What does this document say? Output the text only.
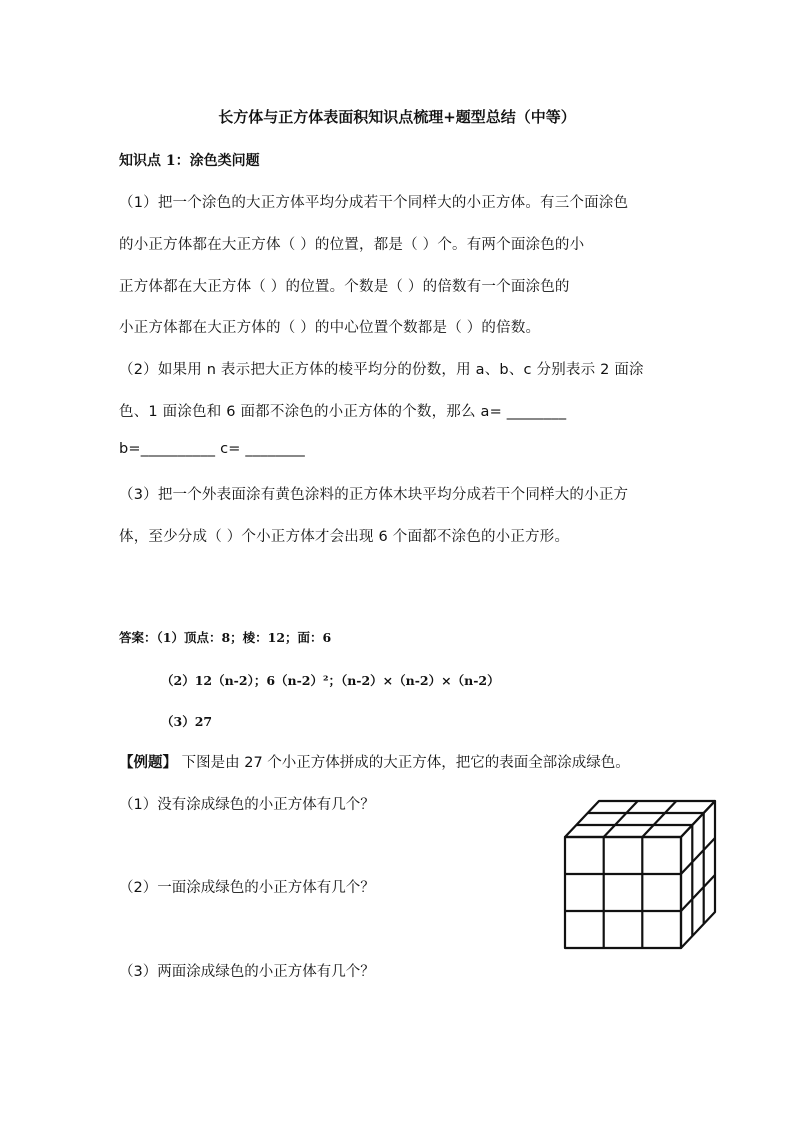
长方体与正方体表面积知识点梳理+题型总结（中等）
知识点 1：涂色类问题
（1）把一个涂色的大正方体平均分成若干个同样大的小正方体。有三个面涂色
的小正方体都在大正方体（ ）的位置，都是（ ）个。有两个面涂色的小
正方体都在大正方体（ ）的位置。个数是（ ）的倍数有一个面涂色的
小正方体都在大正方体的（ ）的中心位置个数都是（ ）的倍数。
（2）如果用 n 表示把大正方体的棱平均分的份数，用 a、b、c 分别表示 2 面涂
色、1 面涂色和 6 面都不涂色的小正方体的个数，那么 a= ________
b=__________ c= ________
（3）把一个外表面涂有黄色涂料的正方体木块平均分成若干个同样大的小正方
体，至少分成（ ）个小正方体才会出现 6 个面都不涂色的小正方形。
答案：（1）顶点：8；棱：12；面：6
（2）12（n-2）；6（n-2）²；（n-2）×（n-2）×（n-2）
（3）27
【例题】 下图是由 27 个小正方体拼成的大正方体，把它的表面全部涂成绿色。
（1）没有涂成绿色的小正方体有几个？
（2）一面涂成绿色的小正方体有几个？
（3）两面涂成绿色的小正方体有几个？
